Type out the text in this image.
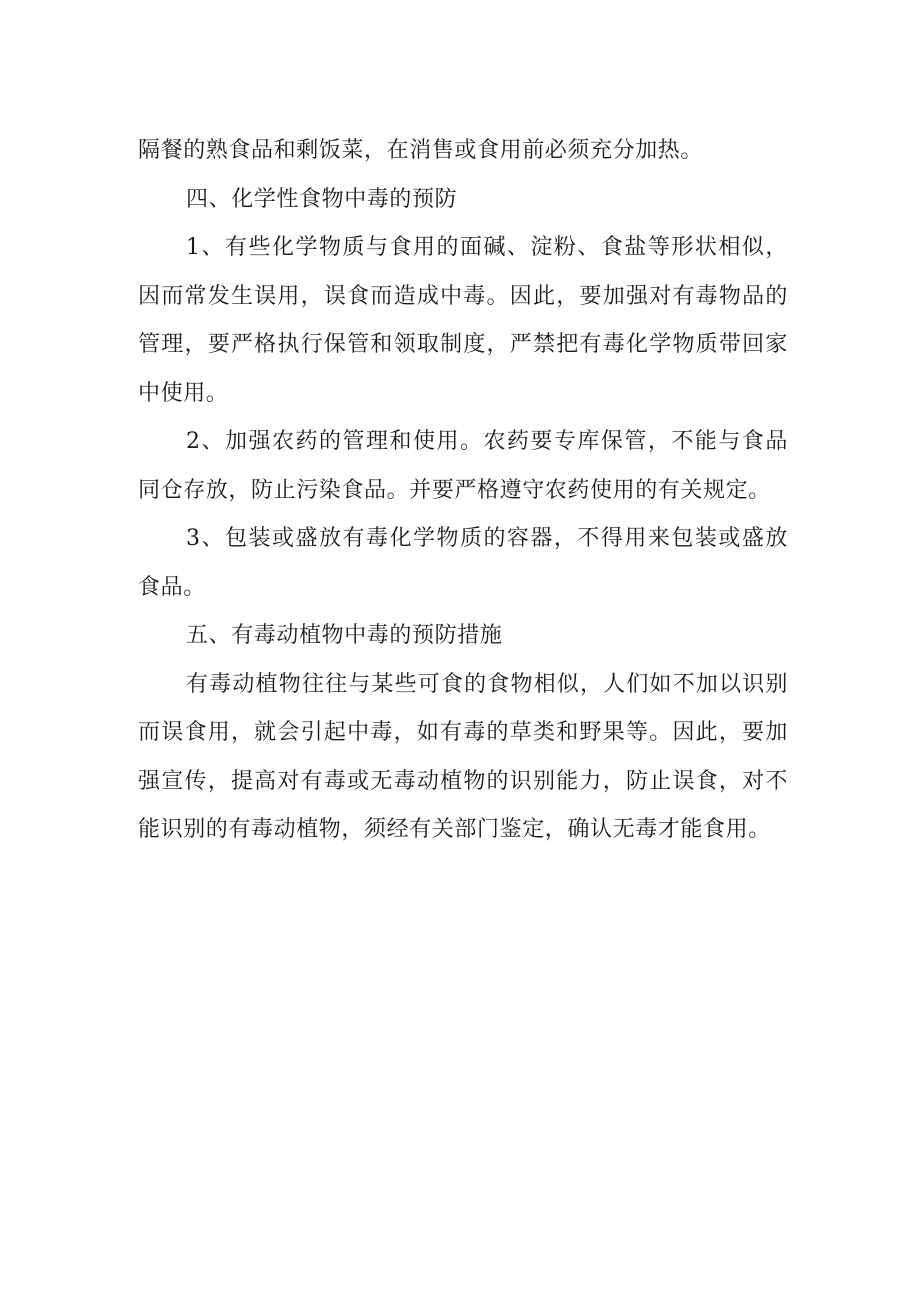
隔餐的熟食品和剩饭菜，在消售或食用前必须充分加热。

四、化学性食物中毒的预防

1、有些化学物质与食用的面碱、淀粉、食盐等形状相似，因而常发生误用，误食而造成中毒。因此，要加强对有毒物品的管理，要严格执行保管和领取制度，严禁把有毒化学物质带回家中使用。

2、加强农药的管理和使用。农药要专库保管，不能与食品同仓存放，防止污染食品。并要严格遵守农药使用的有关规定。

3、包装或盛放有毒化学物质的容器，不得用来包装或盛放食品。

五、有毒动植物中毒的预防措施

有毒动植物往往与某些可食的食物相似，人们如不加以识别而误食用，就会引起中毒，如有毒的草类和野果等。因此，要加强宣传，提高对有毒或无毒动植物的识别能力，防止误食，对不能识别的有毒动植物，须经有关部门鉴定，确认无毒才能食用。
